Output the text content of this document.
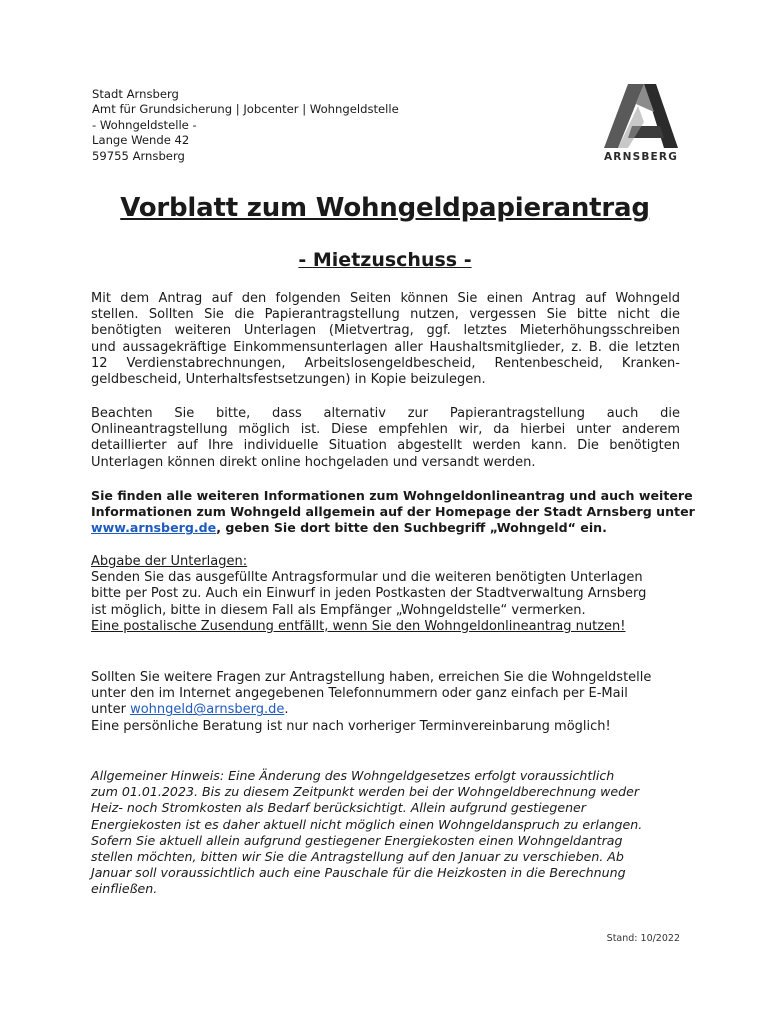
Stadt Arnsberg
Amt für Grundsicherung | Jobcenter | Wohngeldstelle
- Wohngeldstelle -
Lange Wende 42
59755 Arnsberg	ARNSBERG
Vorblatt zum Wohngeldpapierantrag
- Mietzuschuss -
Mit dem Antrag auf den folgenden Seiten können Sie einen Antrag auf Wohngeld
stellen. Sollten Sie die Papierantragstellung nutzen, vergessen Sie bitte nicht die
benötigten weiteren Unterlagen (Mietvertrag, ggf. letztes Mieterhöhungsschreiben
und aussagekräftige Einkommensunterlagen aller Haushaltsmitglieder, z. B. die letzten
12 Verdienstabrechnungen, Arbeitslosengeldbescheid, Rentenbescheid, Kranken-
geldbescheid, Unterhaltsfestsetzungen) in Kopie beizulegen.
Beachten Sie bitte, dass alternativ zur Papierantragstellung auch die
Onlineantragstellung möglich ist. Diese empfehlen wir, da hierbei unter anderem
detaillierter auf Ihre individuelle Situation abgestellt werden kann. Die benötigten
Unterlagen können direkt online hochgeladen und versandt werden.
Sie finden alle weiteren Informationen zum Wohngeldonlineantrag und auch weitere
Informationen zum Wohngeld allgemein auf der Homepage der Stadt Arnsberg unter
www.arnsberg.de, geben Sie dort bitte den Suchbegriff „Wohngeld“ ein.
Abgabe der Unterlagen:
Senden Sie das ausgefüllte Antragsformular und die weiteren benötigten Unterlagen
bitte per Post zu. Auch ein Einwurf in jeden Postkasten der Stadtverwaltung Arnsberg
ist möglich, bitte in diesem Fall als Empfänger „Wohngeldstelle“ vermerken.
Eine postalische Zusendung entfällt, wenn Sie den Wohngeldonlineantrag nutzen!
Sollten Sie weitere Fragen zur Antragstellung haben, erreichen Sie die Wohngeldstelle
unter den im Internet angegebenen Telefonnummern oder ganz einfach per E-Mail
unter wohngeld@arnsberg.de.
Eine persönliche Beratung ist nur nach vorheriger Terminvereinbarung möglich!
Allgemeiner Hinweis: Eine Änderung des Wohngeldgesetzes erfolgt voraussichtlich
zum 01.01.2023. Bis zu diesem Zeitpunkt werden bei der Wohngeldberechnung weder
Heiz- noch Stromkosten als Bedarf berücksichtigt. Allein aufgrund gestiegener
Energiekosten ist es daher aktuell nicht möglich einen Wohngeldanspruch zu erlangen.
Sofern Sie aktuell allein aufgrund gestiegener Energiekosten einen Wohngeldantrag
stellen möchten, bitten wir Sie die Antragstellung auf den Januar zu verschieben. Ab
Januar soll voraussichtlich auch eine Pauschale für die Heizkosten in die Berechnung
einfließen.
Stand: 10/2022
